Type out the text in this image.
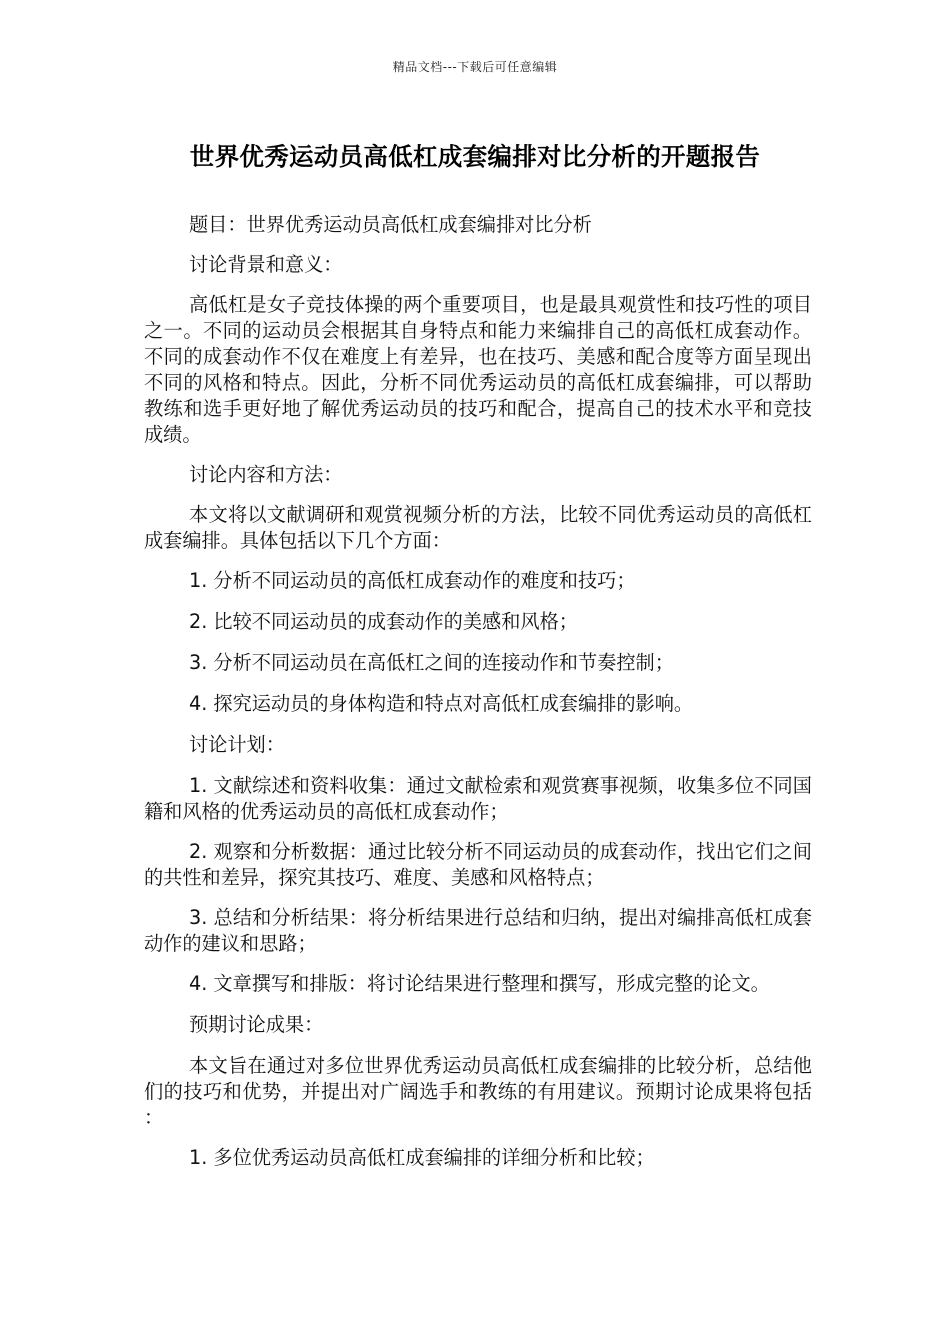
精品文档---下载后可任意编辑
世界优秀运动员高低杠成套编排对比分析的开题报告

题目：世界优秀运动员高低杠成套编排对比分析

讨论背景和意义：

高低杠是女子竞技体操的两个重要项目，也是最具观赏性和技巧性的项目之一。不同的运动员会根据其自身特点和能力来编排自己的高低杠成套动作。不同的成套动作不仅在难度上有差异，也在技巧、美感和配合度等方面呈现出不同的风格和特点。因此，分析不同优秀运动员的高低杠成套编排，可以帮助教练和选手更好地了解优秀运动员的技巧和配合，提高自己的技术水平和竞技成绩。

讨论内容和方法：

本文将以文献调研和观赏视频分析的方法，比较不同优秀运动员的高低杠成套编排。具体包括以下几个方面：

1. 分析不同运动员的高低杠成套动作的难度和技巧；

2. 比较不同运动员的成套动作的美感和风格；

3. 分析不同运动员在高低杠之间的连接动作和节奏控制；

4. 探究运动员的身体构造和特点对高低杠成套编排的影响。

讨论计划：

1. 文献综述和资料收集：通过文献检索和观赏赛事视频，收集多位不同国籍和风格的优秀运动员的高低杠成套动作；

2. 观察和分析数据：通过比较分析不同运动员的成套动作，找出它们之间的共性和差异，探究其技巧、难度、美感和风格特点；

3. 总结和分析结果：将分析结果进行总结和归纳，提出对编排高低杠成套动作的建议和思路；

4. 文章撰写和排版：将讨论结果进行整理和撰写，形成完整的论文。

预期讨论成果：

本文旨在通过对多位世界优秀运动员高低杠成套编排的比较分析，总结他们的技巧和优势，并提出对广阔选手和教练的有用建议。预期讨论成果将包括：

1. 多位优秀运动员高低杠成套编排的详细分析和比较；
